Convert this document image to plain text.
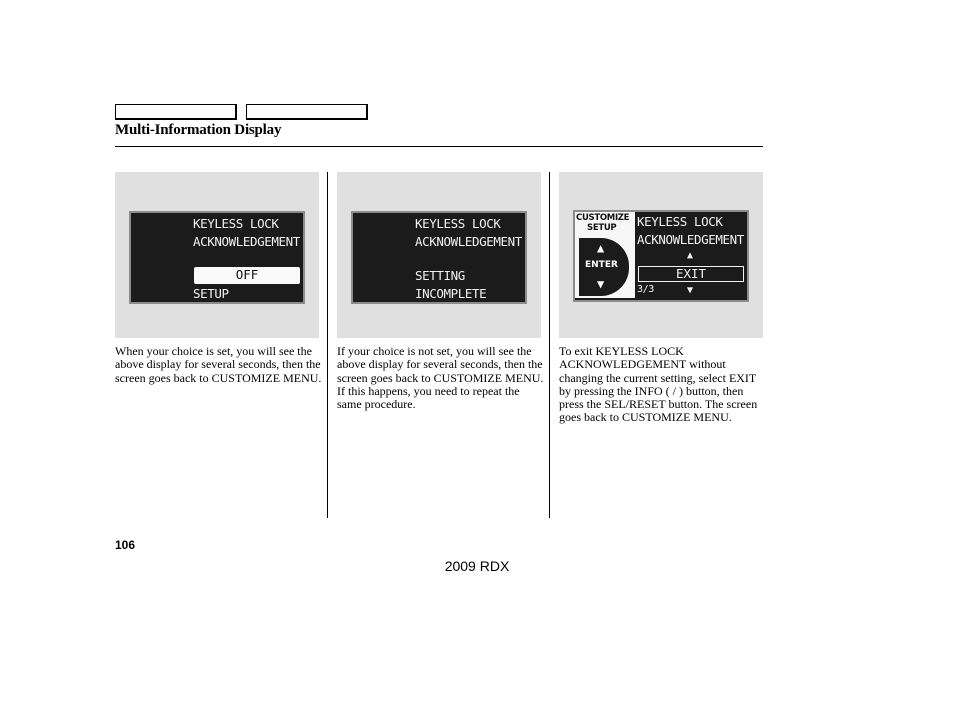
Multi-Information Display
KEYLESS LOCK
ACKNOWLEDGEMENT
OFF
SETUP
KEYLESS LOCK
ACKNOWLEDGEMENT
SETTING
INCOMPLETE
CUSTOMIZE
SETUP
▲
ENTER
▼
KEYLESS LOCK
ACKNOWLEDGEMENT
▲
EXIT
▼
3/3

When your choice is set, you will see the above display for several seconds, then the screen goes back to CUSTOMIZE MENU.

If your choice is not set, you will see the above display for several seconds, then the screen goes back to CUSTOMIZE MENU. If this happens, you need to repeat the same procedure.

To exit KEYLESS LOCK ACKNOWLEDGEMENT without changing the current setting, select EXIT by pressing the INFO ( / ) button, then press the SEL/RESET button. The screen goes back to CUSTOMIZE MENU.

106
2009 RDX
